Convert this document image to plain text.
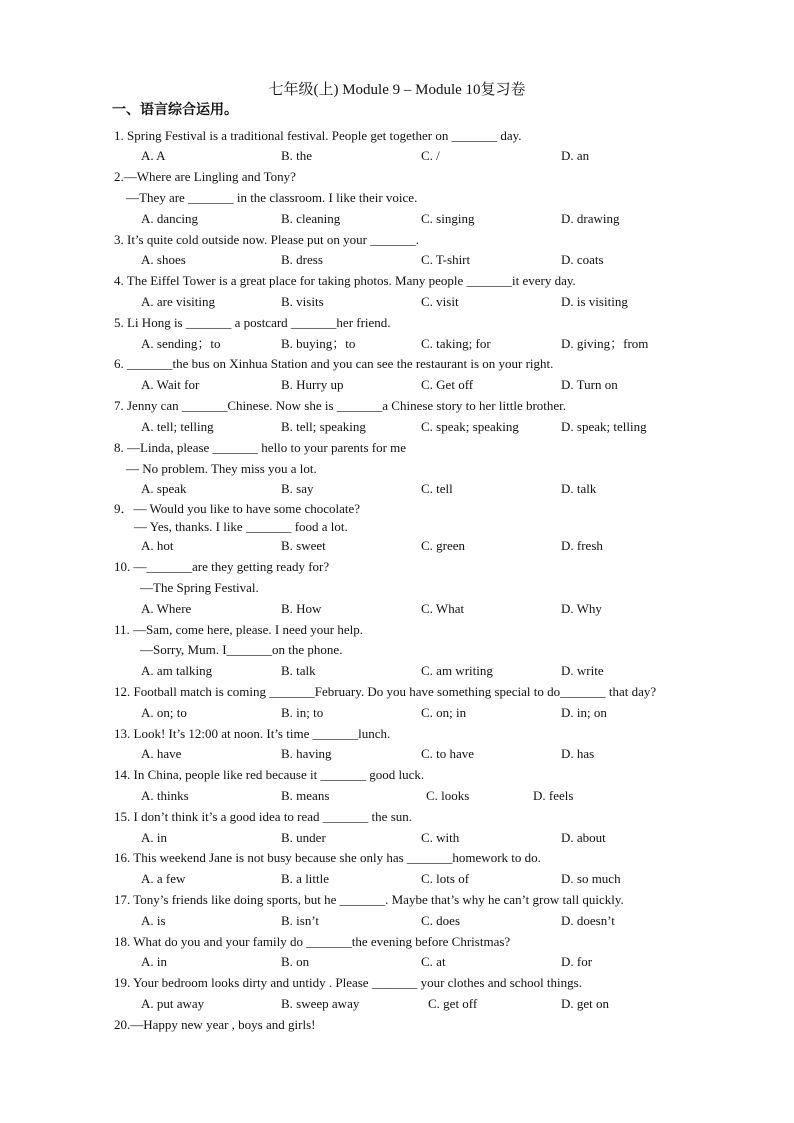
七年级(上) Module 9 – Module 10复习卷
一、语言综合运用。
1. Spring Festival is a traditional festival. People get together on _______ day.
A. A	B. the	C. /	D. an
2.—Where are Lingling and Tony?
—They are _______ in the classroom. I like their voice.
A. dancing	B. cleaning	C. singing	D. drawing
3. It’s quite cold outside now. Please put on your _______.
A. shoes	B. dress	C. T-shirt	D. coats
4. The Eiffel Tower is a great place for taking photos. Many people _______it every day.
A. are visiting	B. visits	C. visit	D. is visiting
5. Li Hong is _______ a postcard _______her friend.
A. sending；to	B. buying；to	C. taking; for	D. giving；from
6. _______the bus on Xinhua Station and you can see the restaurant is on your right.
A. Wait for	B. Hurry up	C. Get off	D. Turn on
7. Jenny can _______Chinese. Now she is _______a Chinese story to her little brother.
A. tell; telling	B. tell; speaking	C. speak; speaking	D. speak; telling
8. —Linda, please _______ hello to your parents for me
— No problem. They miss you a lot.
A. speak	B. say	C. tell	D. talk
9．— Would you like to have some chocolate?
— Yes, thanks. I like _______ food a lot.
A. hot	B. sweet	C. green	D. fresh
10. —_______are they getting ready for?
—The Spring Festival.
A. Where	B. How	C. What	D. Why
11. —Sam, come here, please. I need your help.
—Sorry, Mum. I_______on the phone.
A. am talking	B. talk	C. am writing	D. write
12. Football match is coming _______February. Do you have something special to do_______ that day?
A. on; to	B. in; to	C. on; in	D. in; on
13. Look! It’s 12:00 at noon. It’s time _______lunch.
A. have	B. having	C. to have	D. has
14. In China, people like red because it _______ good luck.
A. thinks	B. means	C. looks	D. feels
15. I don’t think it’s a good idea to read _______ the sun.
A. in	B. under	C. with	D. about
16. This weekend Jane is not busy because she only has _______homework to do.
A. a few	B. a little	C. lots of	D. so much
17. Tony’s friends like doing sports, but he _______. Maybe that’s why he can’t grow tall quickly.
A. is	B. isn’t	C. does	D. doesn’t
18. What do you and your family do _______the evening before Christmas?
A. in	B. on	C. at	D. for
19. Your bedroom looks dirty and untidy . Please _______ your clothes and school things.
A. put away	B. sweep away	C. get off	D. get on
20.—Happy new year , boys and girls!
